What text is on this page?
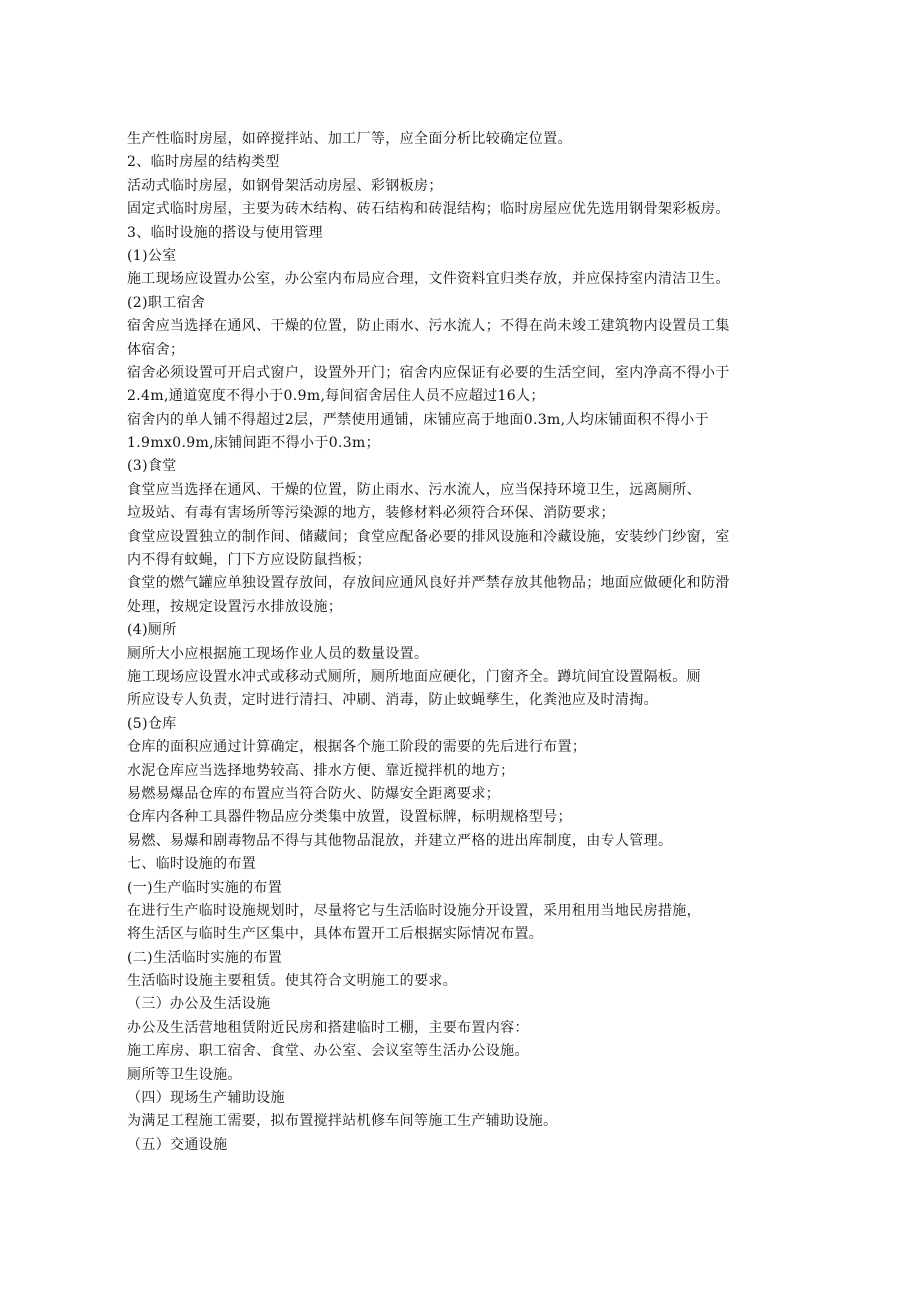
生产性临时房屋，如碎搅拌站、加工厂等，应全面分析比较确定位置。
2、临时房屋的结构类型
活动式临时房屋，如钢骨架活动房屋、彩钢板房；
固定式临时房屋，主要为砖木结构、砖石结构和砖混结构；临时房屋应优先选用钢骨架彩板房。
3、临时设施的搭设与使用管理
(1)公室
施工现场应设置办公室，办公室内布局应合理，文件资料宜归类存放，并应保持室内清洁卫生。
(2)职工宿舍
宿舍应当选择在通风、干燥的位置，防止雨水、污水流人；不得在尚未竣工建筑物内设置员工集
体宿舍；
宿舍必须设置可开启式窗户，设置外开门；宿舍内应保证有必要的生活空间，室内净高不得小于
2.4m,通道宽度不得小于0.9m,每间宿舍居住人员不应超过16人；
宿舍内的单人铺不得超过2层，严禁使用通铺，床铺应高于地面0.3m,人均床铺面积不得小于
1.9mx0.9m,床铺间距不得小于0.3m；
(3)食堂
食堂应当选择在通风、干燥的位置，防止雨水、污水流人，应当保持环境卫生，远离厕所、
垃圾站、有毒有害场所等污染源的地方，装修材料必须符合环保、消防要求；
食堂应设置独立的制作间、储藏间；食堂应配备必要的排风设施和冷藏设施，安装纱门纱窗，室
内不得有蚊蝇，门下方应设防鼠挡板；
食堂的燃气罐应单独设置存放间，存放间应通风良好并严禁存放其他物品；地面应做硬化和防滑
处理，按规定设置污水排放设施；
(4)厕所
厕所大小应根据施工现场作业人员的数量设置。
施工现场应设置水冲式或移动式厕所，厕所地面应硬化，门窗齐全。蹲坑间宜设置隔板。厕
所应设专人负责，定时进行清扫、冲刷、消毒，防止蚊蝇孳生，化粪池应及时清掏。
(5)仓库
仓库的面积应通过计算确定，根据各个施工阶段的需要的先后进行布置；
水泥仓库应当选择地势较高、排水方便、靠近搅拌机的地方；
易燃易爆品仓库的布置应当符合防火、防爆安全距离要求；
仓库内各种工具器件物品应分类集中放置，设置标牌，标明规格型号；
易燃、易爆和剧毒物品不得与其他物品混放，并建立严格的进出库制度，由专人管理。
七、临时设施的布置
(一)生产临时实施的布置
在进行生产临时设施规划时，尽量将它与生活临时设施分开设置，采用租用当地民房措施，
将生活区与临时生产区集中，具体布置开工后根据实际情况布置。
(二)生活临时实施的布置
生活临时设施主要租赁。使其符合文明施工的要求。
（三）办公及生活设施
办公及生活营地租赁附近民房和搭建临时工棚，主要布置内容：
施工库房、职工宿舍、食堂、办公室、会议室等生活办公设施。
厕所等卫生设施。
（四）现场生产辅助设施
为满足工程施工需要，拟布置搅拌站机修车间等施工生产辅助设施。
（五）交通设施
